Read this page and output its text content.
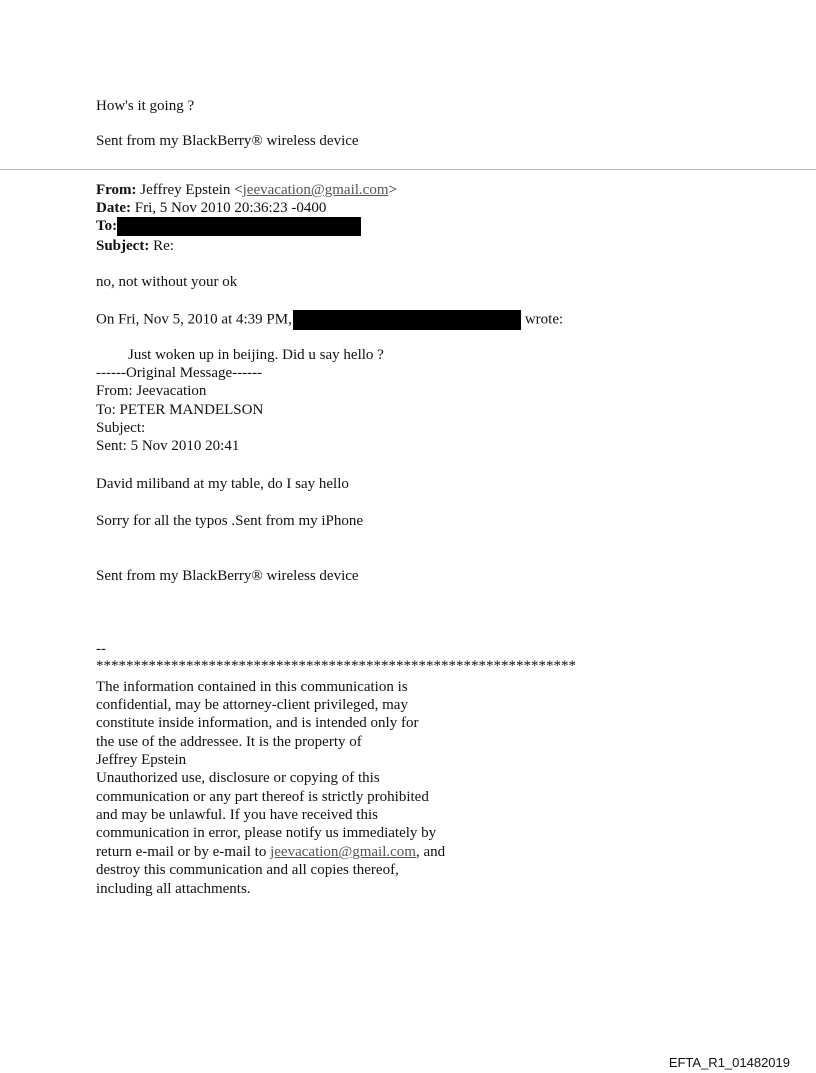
How's it going ?
Sent from my BlackBerry® wireless device
From: Jeffrey Epstein <jeevacation@gmail.com>
Date: Fri, 5 Nov 2010 20:36:23 -0400
To:
Subject: Re:
no, not without your ok
On Fri, Nov 5, 2010 at 4:39 PM,	wrote:
Just woken up in beijing. Did u say hello ?
------Original Message------
From: Jeevacation
To: PETER MANDELSON
Subject:
Sent: 5 Nov 2010 20:41
David miliband at my table, do I say hello
Sorry for all the typos .Sent from my iPhone
Sent from my BlackBerry® wireless device
--
****************************************************************
The information contained in this communication is
confidential, may be attorney-client privileged, may
constitute inside information, and is intended only for
the use of the addressee. It is the property of
Jeffrey Epstein
Unauthorized use, disclosure or copying of this
communication or any part thereof is strictly prohibited
and may be unlawful. If you have received this
communication in error, please notify us immediately by
return e-mail or by e-mail to jeevacation@gmail.com, and
destroy this communication and all copies thereof,
including all attachments.
EFTA_R1_01482019
